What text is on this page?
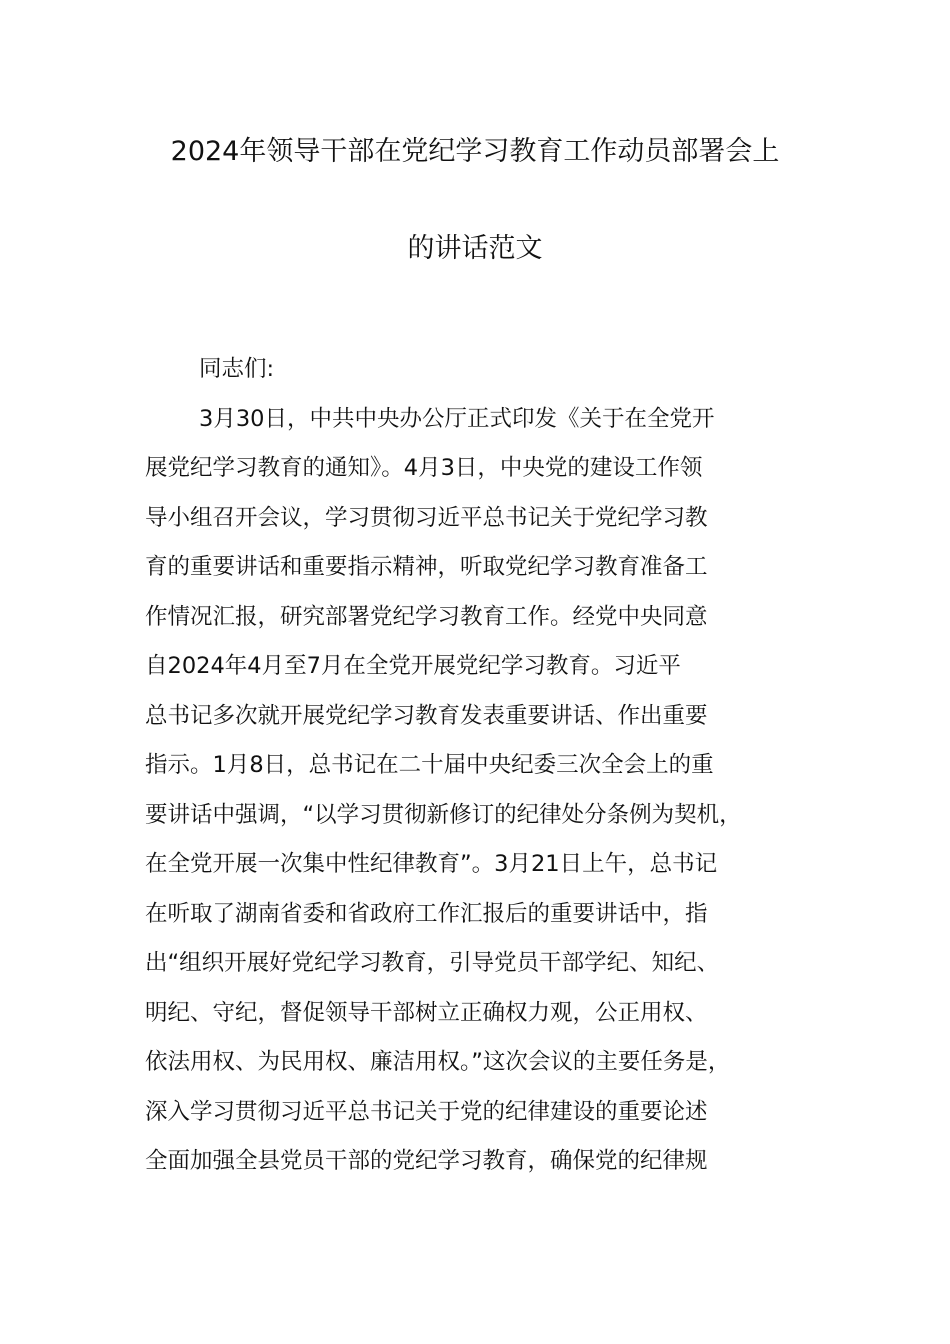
2024年领导干部在党纪学习教育工作动员部署会上
的讲话范文
同志们:
3月30日，中共中央办公厅正式印发《关于在全党开
展党纪学习教育的通知》。4月3日，中央党的建设工作领
导小组召开会议，学习贯彻习近平总书记关于党纪学习教
育的重要讲话和重要指示精神，听取党纪学习教育准备工
作情况汇报，研究部署党纪学习教育工作。经党中央同意
自2024年4月至7月在全党开展党纪学习教育。习近平
总书记多次就开展党纪学习教育发表重要讲话、作出重要
指示。1月8日，总书记在二十届中央纪委三次全会上的重
要讲话中强调，“以学习贯彻新修订的纪律处分条例为契机，
在全党开展一次集中性纪律教育”。3月21日上午，总书记
在听取了湖南省委和省政府工作汇报后的重要讲话中，指
出“组织开展好党纪学习教育，引导党员干部学纪、知纪、
明纪、守纪，督促领导干部树立正确权力观，公正用权、
依法用权、为民用权、廉洁用权。”这次会议的主要任务是，
深入学习贯彻习近平总书记关于党的纪律建设的重要论述
全面加强全县党员干部的党纪学习教育，确保党的纪律规
